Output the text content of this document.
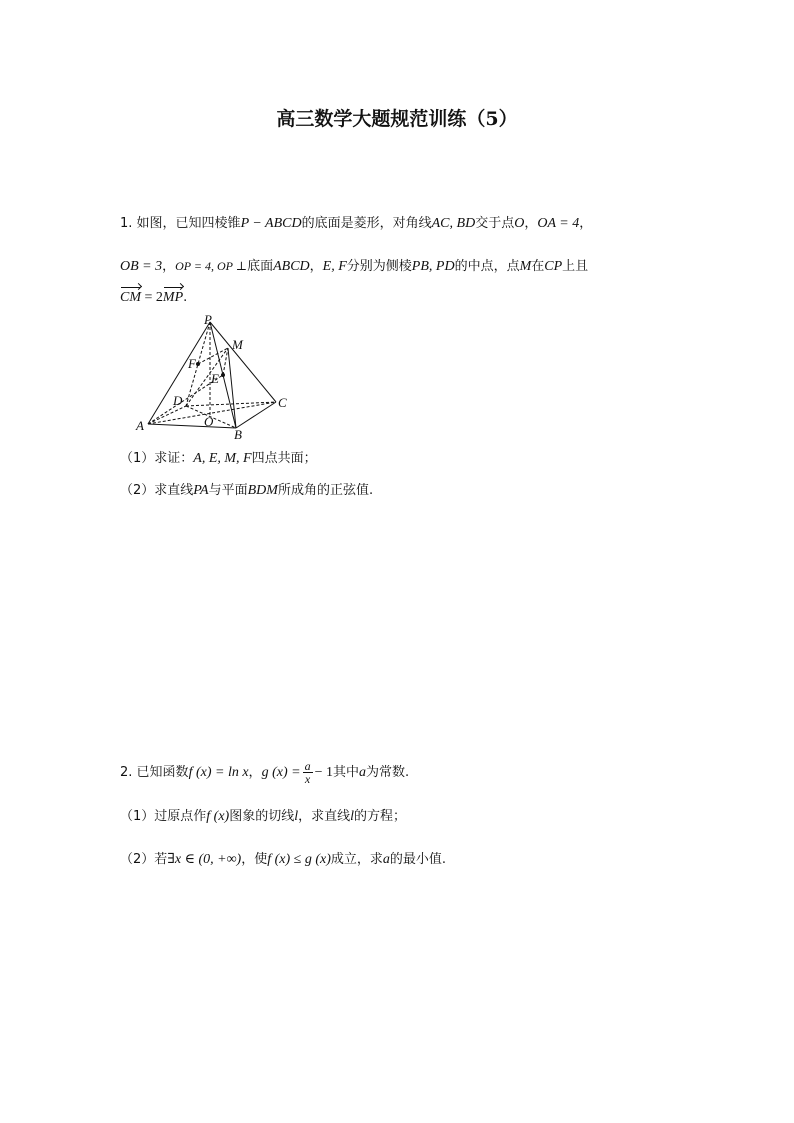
高三数学大题规范训练（5）
1. 如图，已知四棱锥P − ABCD的底面是菱形，对角线AC, BD交于点O，OA = 4，
OB = 3，OP = 4, OP ⊥底面ABCD，E, F分别为侧棱PB, PD的中点，点M在CP上且
CM = 2MP.
P
M
F
E
D	C
A	O
B
（1）求证：A, E, M, F四点共面；
（2）求直线PA与平面BDM所成角的正弦值.
2. 已知函数f (x) = ln x，g $(x) = \frac{a}{x} - 1$其中a为常数.
（1）过原点作f (x)图象的切线l，求直线l的方程；
（2）若∃x ∈ (0, +∞)，使f (x) ≤ g (x)成立，求a的最小值.
